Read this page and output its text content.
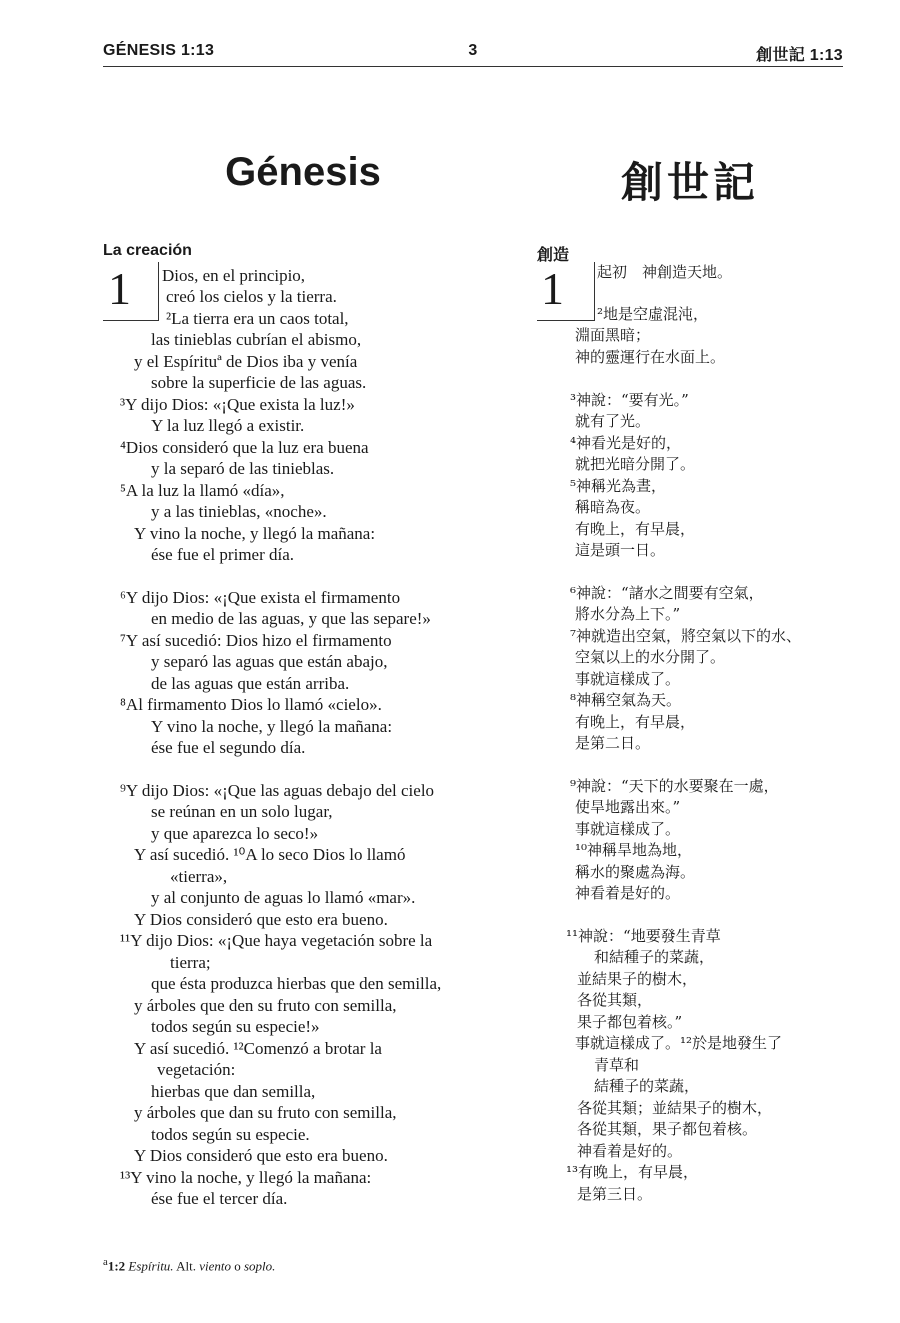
GÉNESIS 1:13	3	創世記 1:13
Génesis	創世記
La creación	創造
1	1
Dios, en el principio,
creó los cielos y la tierra.
²La tierra era un caos total,
las tinieblas cubrían el abismo,
y el Espírituª de Dios iba y venía
sobre la superficie de las aguas.
³Y dijo Dios: «¡Que exista la luz!»
Y la luz llegó a existir.
⁴Dios consideró que la luz era buena
y la separó de las tinieblas.
⁵A la luz la llamó «día»,
y a las tinieblas, «noche».
Y vino la noche, y llegó la mañana:
ése fue el primer día.
⁶Y dijo Dios: «¡Que exista el firmamento
en medio de las aguas, y que las separe!»
⁷Y así sucedió: Dios hizo el firmamento
y separó las aguas que están abajo,
de las aguas que están arriba.
⁸Al firmamento Dios lo llamó «cielo».
Y vino la noche, y llegó la mañana:
ése fue el segundo día.
⁹Y dijo Dios: «¡Que las aguas debajo del cielo
se reúnan en un solo lugar,
y que aparezca lo seco!»
Y así sucedió. ¹⁰A lo seco Dios lo llamó
«tierra»,
y al conjunto de aguas lo llamó «mar».
Y Dios consideró que esto era bueno.
¹¹Y dijo Dios: «¡Que haya vegetación sobre la
tierra;
que ésta produzca hierbas que den semilla,
y árboles que den su fruto con semilla,
todos según su especie!»
Y así sucedió. ¹²Comenzó a brotar la
vegetación:
hierbas que dan semilla,
y árboles que dan su fruto con semilla,
todos según su especie.
Y Dios consideró que esto era bueno.
¹³Y vino la noche, y llegó la mañana:
ése fue el tercer día.
起初　神創造天地。
²地是空虛混沌，
淵面黑暗；
神的靈運行在水面上。
³神說：“要有光。”
就有了光。
⁴神看光是好的，
就把光暗分開了。
⁵神稱光為晝，
稱暗為夜。
有晚上，有早晨，
這是頭一日。
⁶神說：“諸水之間要有空氣，
將水分為上下。”
⁷神就造出空氣，將空氣以下的水、
空氣以上的水分開了。
事就這樣成了。
⁸神稱空氣為天。
有晚上，有早晨，
是第二日。
⁹神說：“天下的水要聚在一處，
使旱地露出來。”
事就這樣成了。
¹⁰神稱旱地為地，
稱水的聚處為海。
神看着是好的。
¹¹神說：“地要發生青草
和結種子的菜蔬，
並結果子的樹木，
各從其類，
果子都包着核。”
事就這樣成了。¹²於是地發生了
青草和
結種子的菜蔬，
各從其類；並結果子的樹木，
各從其類，果子都包着核。
神看着是好的。
¹³有晚上，有早晨，
是第三日。
$^a$1:2 Espíritu. Alt. viento o soplo.
